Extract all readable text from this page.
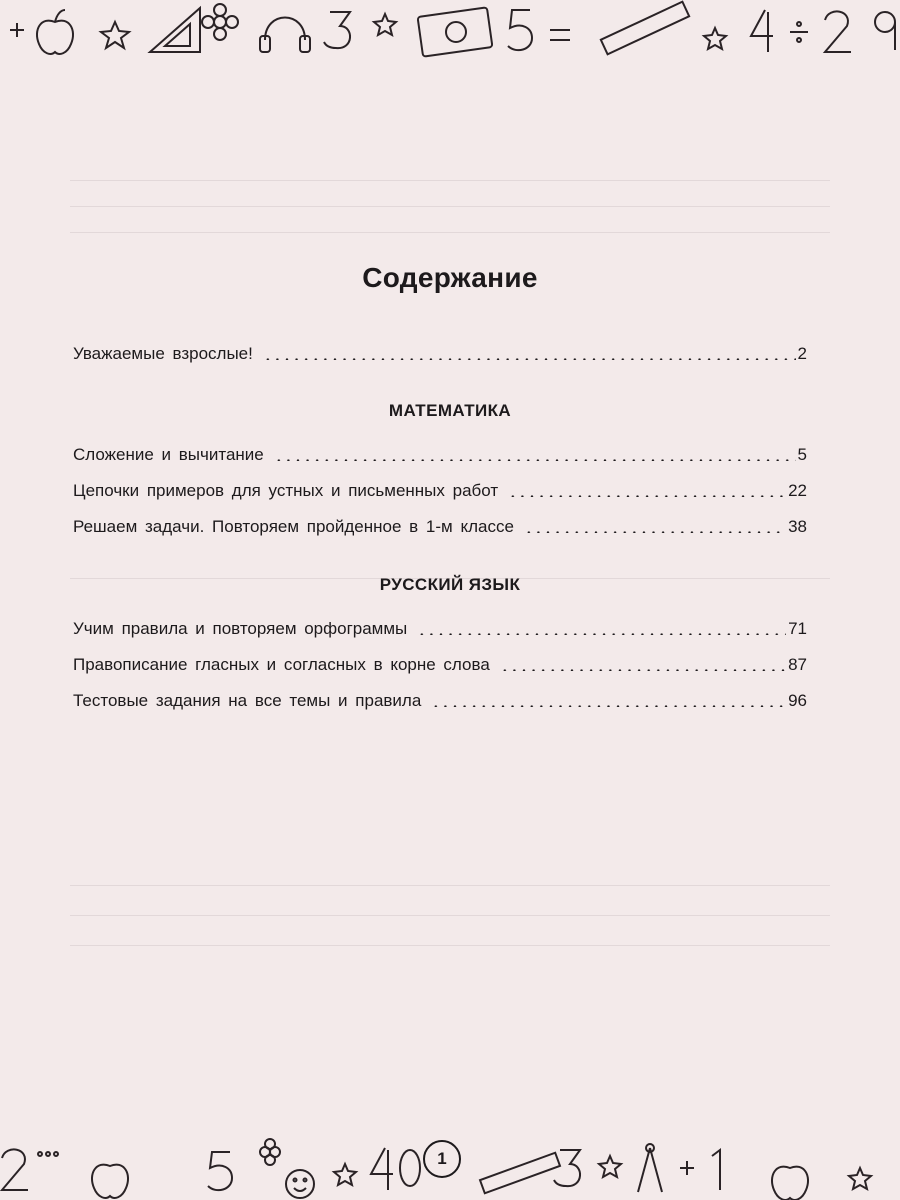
Содержание
Уважаемые взрослые!	2
МАТЕМАТИКА
Сложение и вычитание	5
Цепочки примеров для устных и письменных работ	22
Решаем задачи. Повторяем пройденное в 1-м классе	38
РУССКИЙ ЯЗЫК
Учим правила и повторяем орфограммы	71
Правописание гласных и согласных в корне слова	87
Тестовые задания на все темы и правила	96
1
